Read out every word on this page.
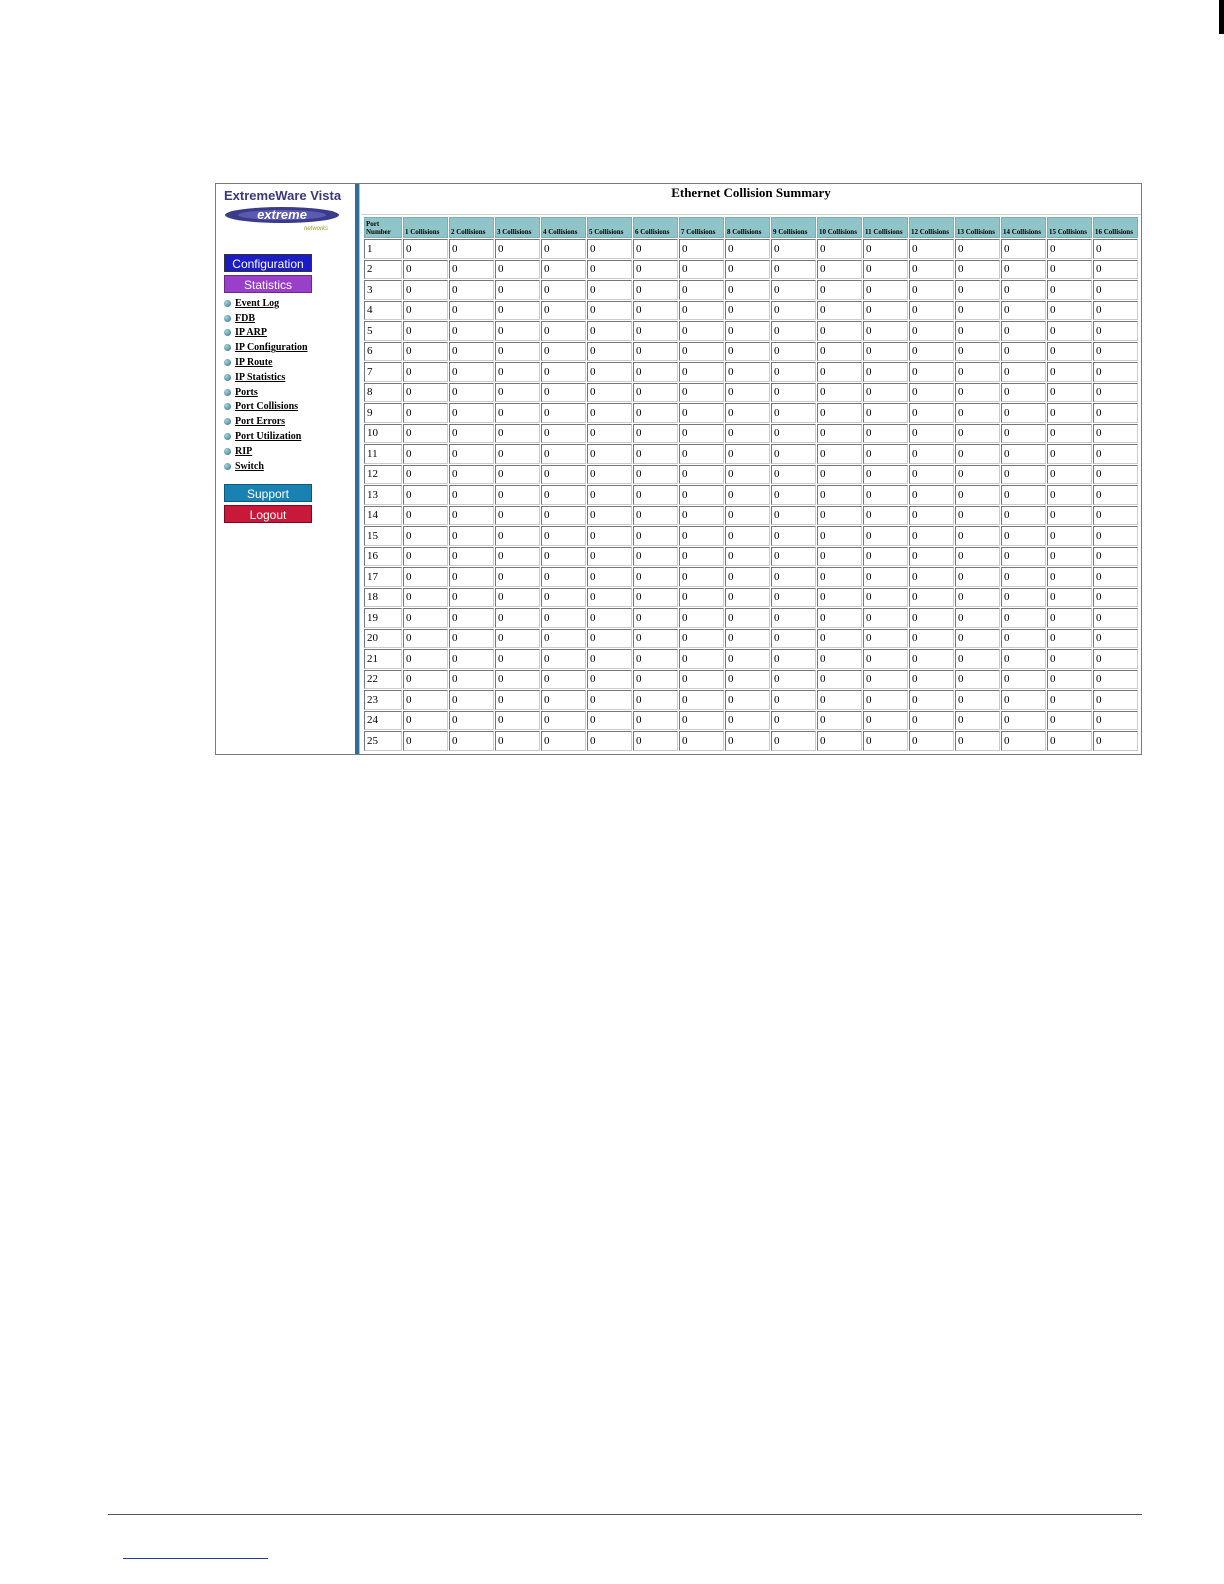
ExtremeWare Vista
extreme
networks
Configuration
Statistics
Event Log
FDB
IP ARP
IP Configuration
IP Route
IP Statistics
Ports
Port Collisions
Port Errors
Port Utilization
RIP
Switch
Support
Logout
Ethernet Collision Summary
Port Number	1 Collisions	2 Collisions	3 Collisions	4 Collisions	5 Collisions	6 Collisions	7 Collisions	8 Collisions	9 Collisions	10 Collisions	11 Collisions	12 Collisions	13 Collisions	14 Collisions	15 Collisions	16 Collisions
1	0	0	0	0	0	0	0	0	0	0	0	0	0	0	0	0
2	0	0	0	0	0	0	0	0	0	0	0	0	0	0	0	0
3	0	0	0	0	0	0	0	0	0	0	0	0	0	0	0	0
4	0	0	0	0	0	0	0	0	0	0	0	0	0	0	0	0
5	0	0	0	0	0	0	0	0	0	0	0	0	0	0	0	0
6	0	0	0	0	0	0	0	0	0	0	0	0	0	0	0	0
7	0	0	0	0	0	0	0	0	0	0	0	0	0	0	0	0
8	0	0	0	0	0	0	0	0	0	0	0	0	0	0	0	0
9	0	0	0	0	0	0	0	0	0	0	0	0	0	0	0	0
10	0	0	0	0	0	0	0	0	0	0	0	0	0	0	0	0
11	0	0	0	0	0	0	0	0	0	0	0	0	0	0	0	0
12	0	0	0	0	0	0	0	0	0	0	0	0	0	0	0	0
13	0	0	0	0	0	0	0	0	0	0	0	0	0	0	0	0
14	0	0	0	0	0	0	0	0	0	0	0	0	0	0	0	0
15	0	0	0	0	0	0	0	0	0	0	0	0	0	0	0	0
16	0	0	0	0	0	0	0	0	0	0	0	0	0	0	0	0
17	0	0	0	0	0	0	0	0	0	0	0	0	0	0	0	0
18	0	0	0	0	0	0	0	0	0	0	0	0	0	0	0	0
19	0	0	0	0	0	0	0	0	0	0	0	0	0	0	0	0
20	0	0	0	0	0	0	0	0	0	0	0	0	0	0	0	0
21	0	0	0	0	0	0	0	0	0	0	0	0	0	0	0	0
22	0	0	0	0	0	0	0	0	0	0	0	0	0	0	0	0
23	0	0	0	0	0	0	0	0	0	0	0	0	0	0	0	0
24	0	0	0	0	0	0	0	0	0	0	0	0	0	0	0	0
25	0	0	0	0	0	0	0	0	0	0	0	0	0	0	0	0
